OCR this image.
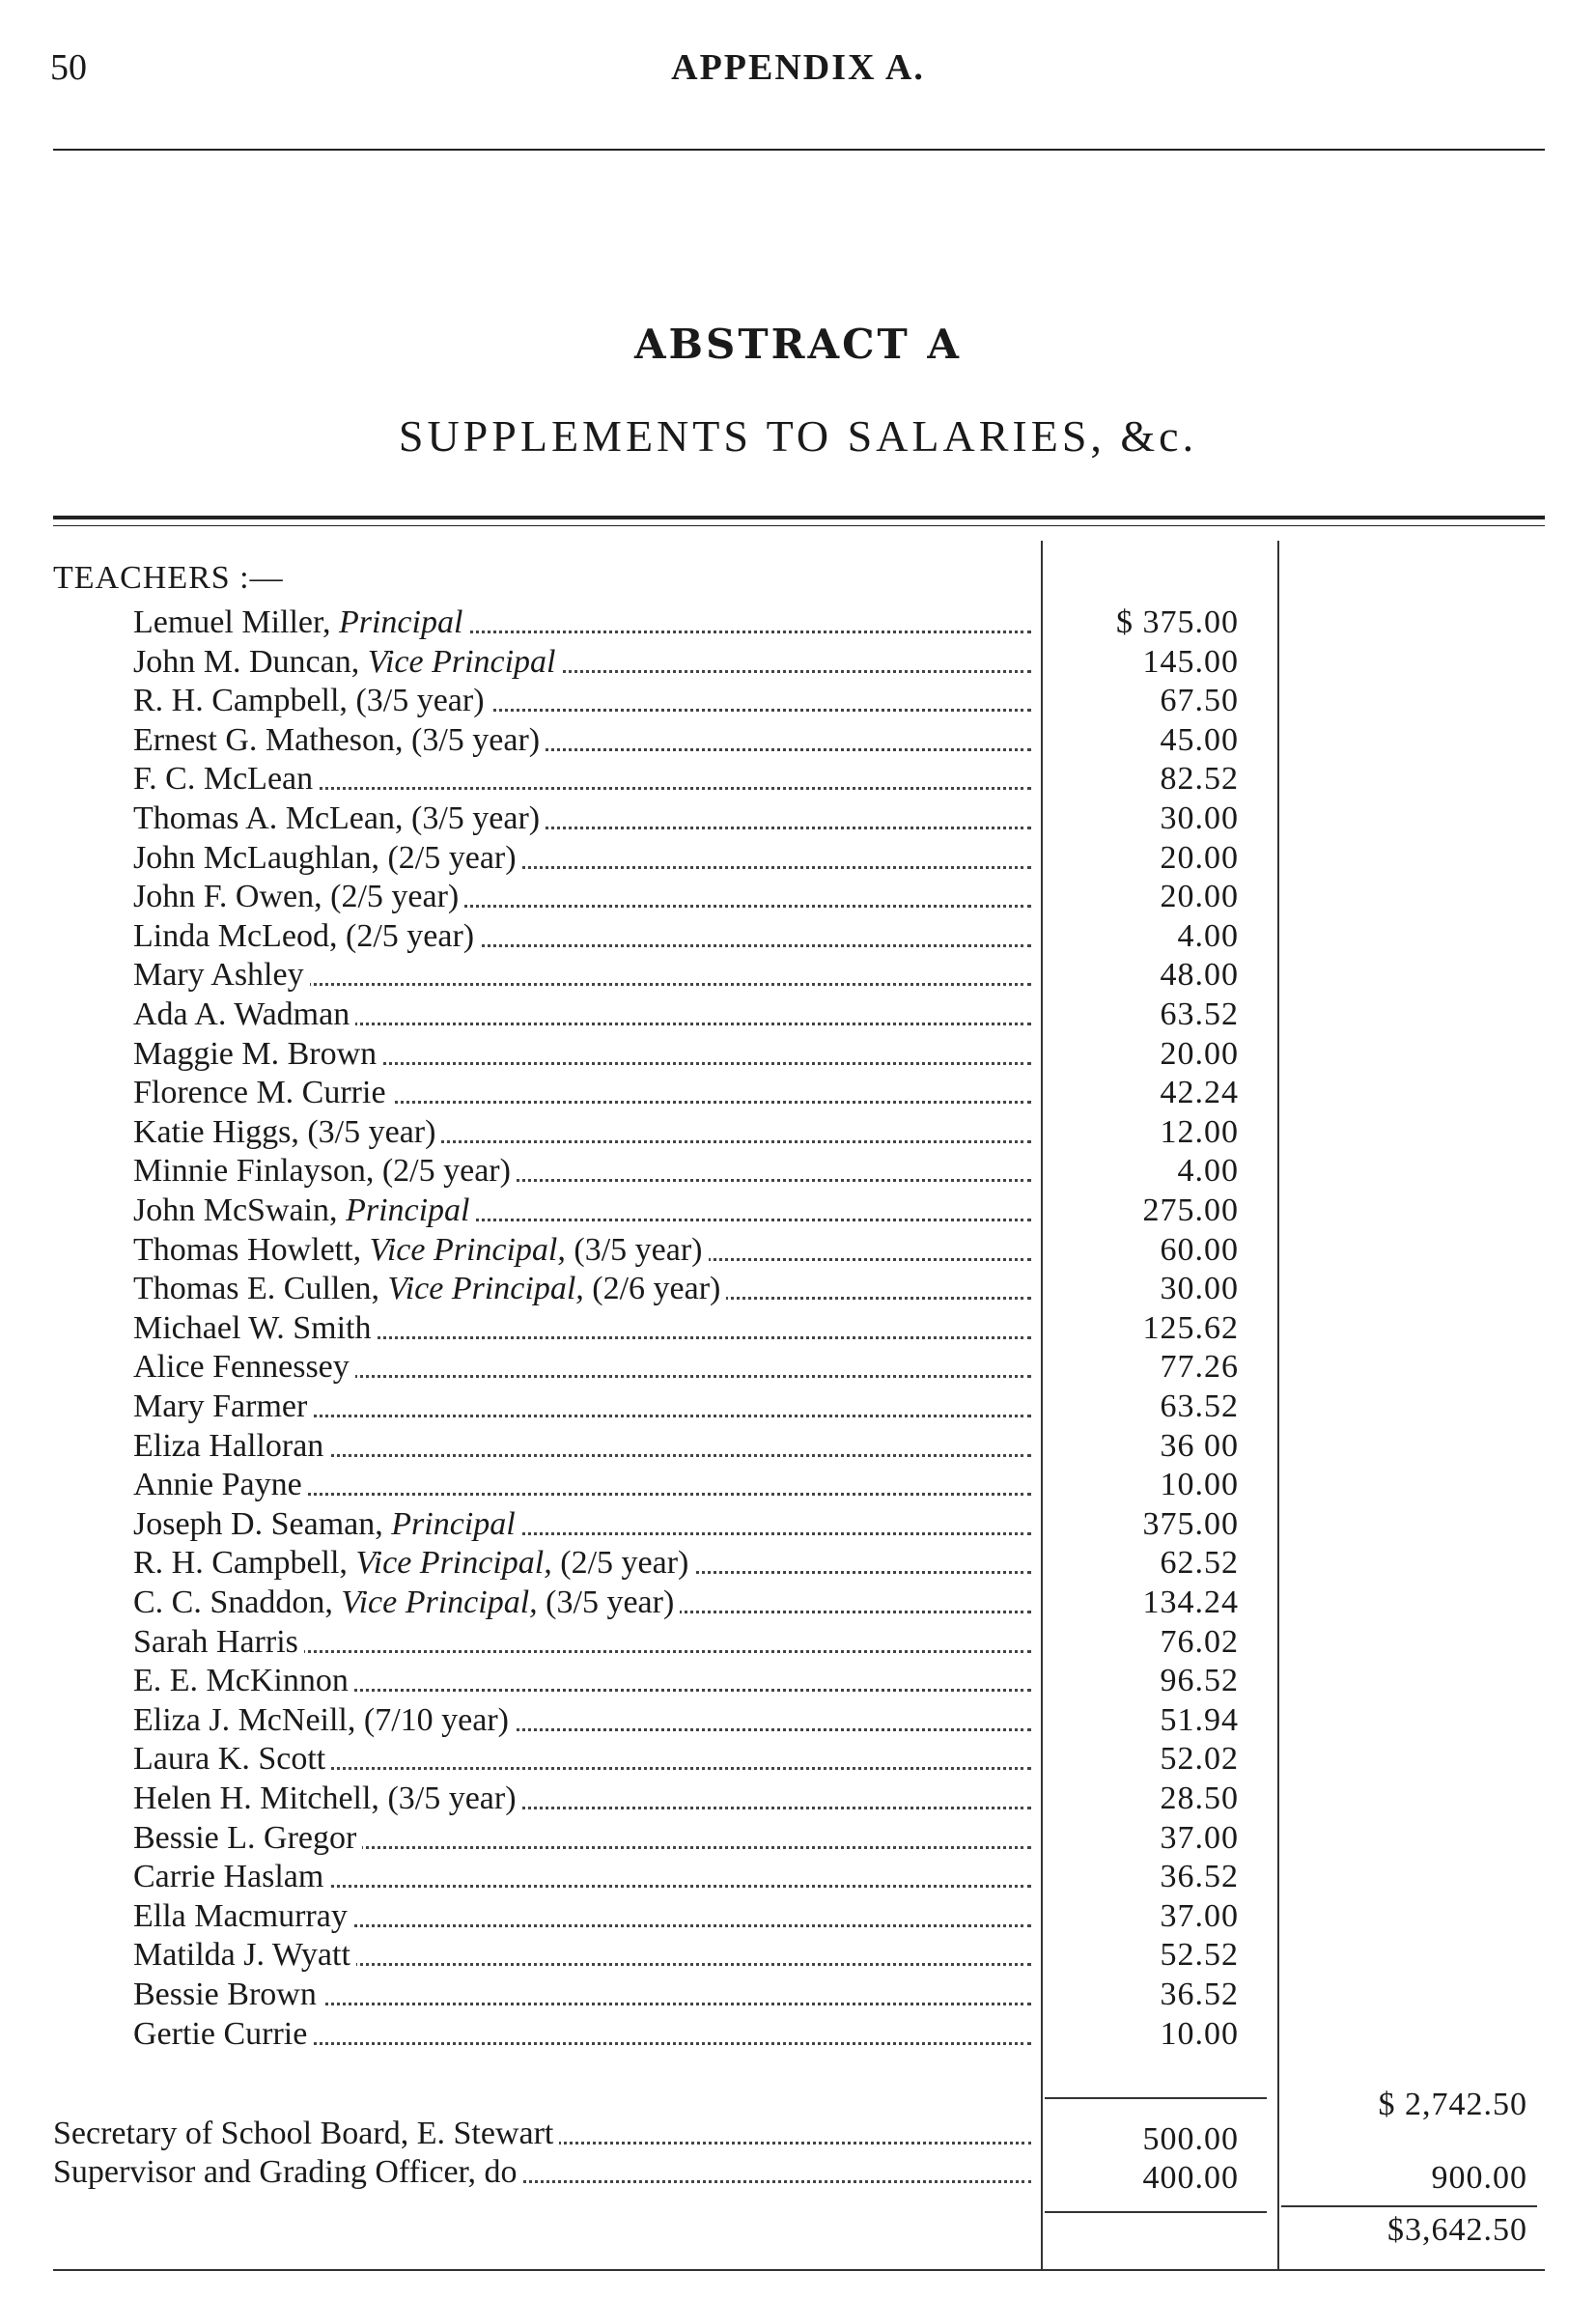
50	APPENDIX A.
ABSTRACT A
SUPPLEMENTS TO SALARIES, &c.
TEACHERS :—
Lemuel Miller, Principal	$ 375.00
John M. Duncan, Vice Principal	145.00
R. H. Campbell, (3/5 year)	67.50
Ernest G. Matheson, (3/5 year)	45.00
F. C. McLean	82.52
Thomas A. McLean, (3/5 year)	30.00
John McLaughlan, (2/5 year)	20.00
John F. Owen, (2/5 year)	20.00
Linda McLeod, (2/5 year)	4.00
Mary Ashley	48.00
Ada A. Wadman	63.52
Maggie M. Brown	20.00
Florence M. Currie	42.24
Katie Higgs, (3/5 year)	12.00
Minnie Finlayson, (2/5 year)	4.00
John McSwain, Principal	275.00
Thomas Howlett, Vice Principal, (3/5 year)	60.00
Thomas E. Cullen, Vice Principal, (2/6 year)	30.00
Michael W. Smith	125.62
Alice Fennessey	77.26
Mary Farmer	63.52
Eliza Halloran	36 00
Annie Payne	10.00
Joseph D. Seaman, Principal	375.00
R. H. Campbell, Vice Principal, (2/5 year)	62.52
C. C. Snaddon, Vice Principal, (3/5 year)	134.24
Sarah Harris	76.02
E. E. McKinnon	96.52
Eliza J. McNeill, (7/10 year)	51.94
Laura K. Scott	52.02
Helen H. Mitchell, (3/5 year)	28.50
Bessie L. Gregor	37.00
Carrie Haslam	36.52
Ella Macmurray	37.00
Matilda J. Wyatt	52.52
Bessie Brown	36.52
Gertie Currie	10.00
$ 2,742.50
Secretary of School Board, E. Stewart	500.00
Supervisor and Grading Officer, do	400.00	900.00
$3,642.50
